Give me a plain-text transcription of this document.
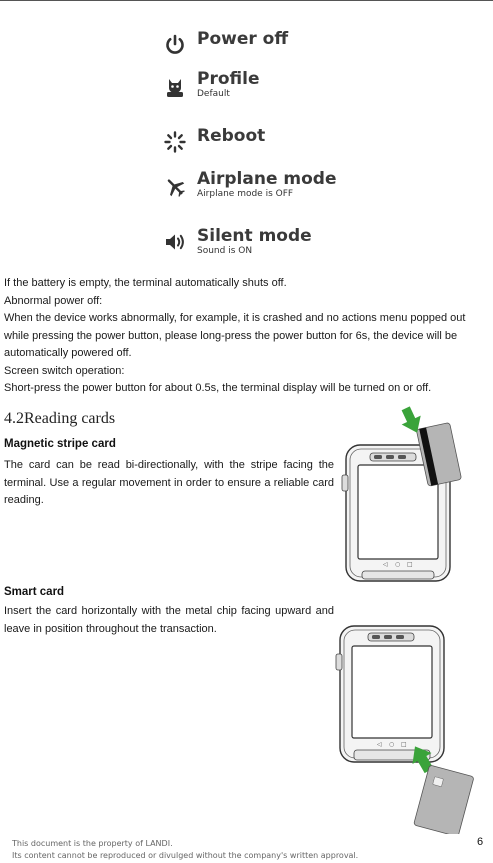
Power off
Profile
Default
Reboot
Airplane mode
Airplane mode is OFF
Silent mode
Sound is ON

If the battery is empty, the terminal automatically shuts off.

Abnormal power off:

When the device works abnormally, for example, it is crashed and no actions menu popped out while pressing the power button, please long-press the power button for 6s, the device will be automatically powered off.

Screen switch operation:

Short-press the power button for about 0.5s, the terminal display will be turned on or off.

4.2Reading cards
Magnetic stripe card

The card can be read bi-directionally, with the stripe facing the terminal. Use a regular movement in order to ensure a reliable card reading.

Smart card

Insert the card horizontally with the metal chip facing upward and leave in position throughout the transaction.

◁ ○ □
◁ ○ □
This document is the property of LANDI.
Its content cannot be reproduced or divulged without the company's written approval.
6
